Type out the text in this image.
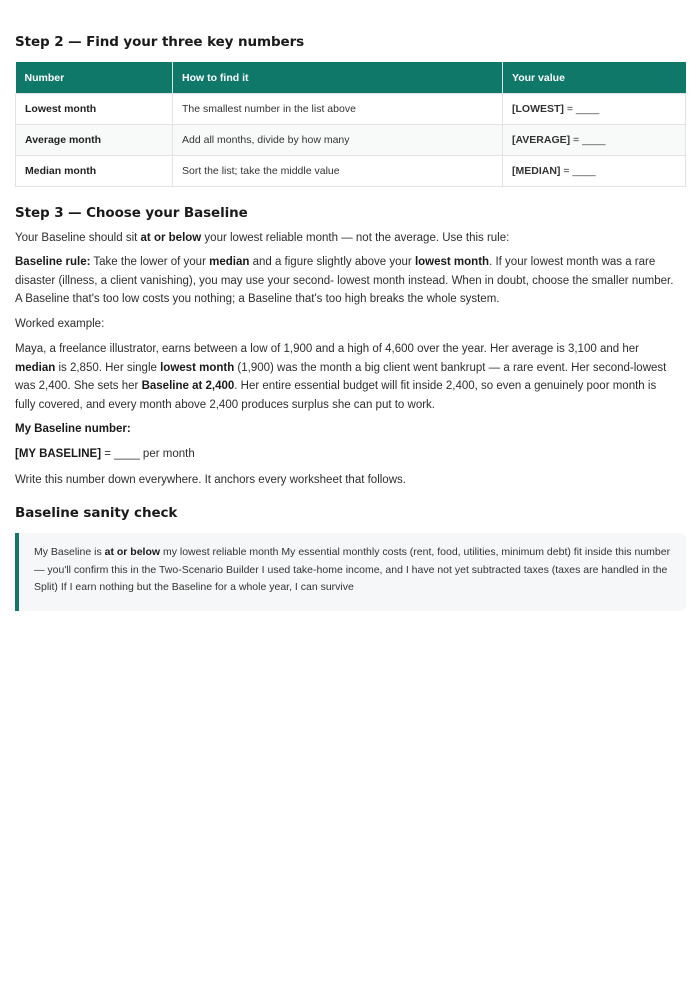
Step 2 — Find your three key numbers
Number	How to find it	Your value
Lowest month	The smallest number in the list above	[LOWEST] = ____
Average month	Add all months, divide by how many	[AVERAGE] = ____
Median month	Sort the list; take the middle value	[MEDIAN] = ____
Step 3 — Choose your Baseline

Your Baseline should sit at or below your lowest reliable month — not the average. Use this rule:

Baseline rule: Take the lower of your median and a figure slightly above your lowest month. If your lowest month was a rare disaster (illness, a client vanishing), you may use your second- lowest month instead. When in doubt, choose the smaller number. A Baseline that's too low costs you nothing; a Baseline that's too high breaks the whole system.

Worked example:

Maya, a freelance illustrator, earns between a low of 1,900 and a high of 4,600 over the year. Her average is 3,100 and her median is 2,850. Her single lowest month (1,900) was the month a big client went bankrupt — a rare event. Her second-lowest was 2,400. She sets her Baseline at 2,400. Her entire essential budget will fit inside 2,400, so even a genuinely poor month is fully covered, and every month above 2,400 produces surplus she can put to work.

My Baseline number:

[MY BASELINE] = ____ per month

Write this number down everywhere. It anchors every worksheet that follows.

Baseline sanity check
My Baseline is at or below my lowest reliable month My essential monthly costs (rent, food, utilities, minimum debt) fit inside this number — you'll confirm this in the Two-Scenario Builder I used take-home income, and I have not yet subtracted taxes (taxes are handled in the Split) If I earn nothing but the Baseline for a whole year, I can survive
